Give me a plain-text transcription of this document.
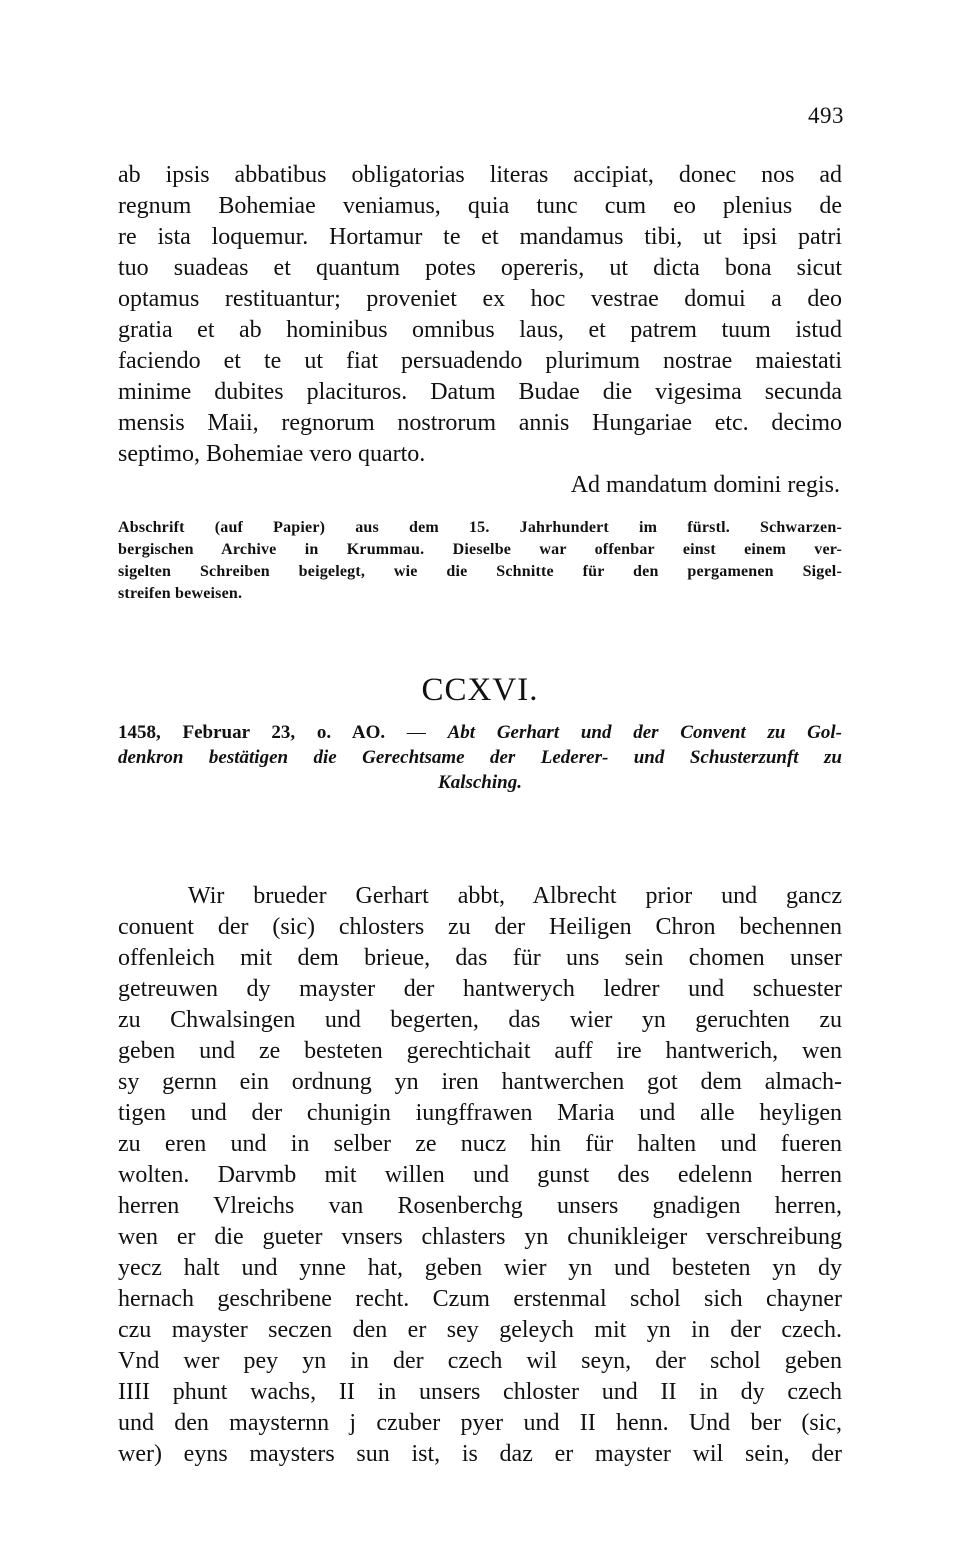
493
ab ipsis abbatibus obligatorias literas accipiat, donec nos ad
regnum Bohemiae veniamus, quia tunc cum eo plenius de
re ista loquemur. Hortamur te et mandamus tibi, ut ipsi patri
tuo suadeas et quantum potes opereris, ut dicta bona sicut
optamus restituantur; proveniet ex hoc vestrae domui a deo
gratia et ab hominibus omnibus laus, et patrem tuum istud
faciendo et te ut fiat persuadendo plurimum nostrae maiestati
minime dubites placituros. Datum Budae die vigesima secunda
mensis Maii, regnorum nostrorum annis Hungariae etc. decimo
septimo, Bohemiae vero quarto.
Ad mandatum domini regis.
Abschrift (auf Papier) aus dem 15. Jahrhundert im fürstl. Schwarzen-
bergischen Archive in Krummau. Dieselbe war offenbar einst einem ver-
sigelten Schreiben beigelegt, wie die Schnitte für den pergamenen Sigel-
streifen beweisen.
CCXVI.
1458, Februar 23, o. AO. — Abt Gerhart und der Convent zu Gol-
denkron bestätigen die Gerechtsame der Lederer- und Schusterzunft zu
Kalsching.
Wir brueder Gerhart abbt, Albrecht prior und gancz
conuent der (sic) chlosters zu der Heiligen Chron bechennen
offenleich mit dem brieue, das für uns sein chomen unser
getreuwen dy mayster der hantwerych ledrer und schuester
zu Chwalsingen und begerten, das wier yn geruchten zu
geben und ze besteten gerechtichait auff ire hantwerich, wen
sy gernn ein ordnung yn iren hantwerchen got dem almach-
tigen und der chunigin iungffrawen Maria und alle heyligen
zu eren und in selber ze nucz hin für halten und fueren
wolten. Darvmb mit willen und gunst des edelenn herren
herren Vlreichs van Rosenberchg unsers gnadigen herren,
wen er die gueter vnsers chlasters yn chunikleiger verschreibung
yecz halt und ynne hat, geben wier yn und besteten yn dy
hernach geschribene recht. Czum erstenmal schol sich chayner
czu mayster seczen den er sey geleych mit yn in der czech.
Vnd wer pey yn in der czech wil seyn, der schol geben
IIII phunt wachs, II in unsers chloster und II in dy czech
und den maysternn j czuber pyer und II henn. Und ber (sic,
wer) eyns maysters sun ist, is daz er mayster wil sein, der
